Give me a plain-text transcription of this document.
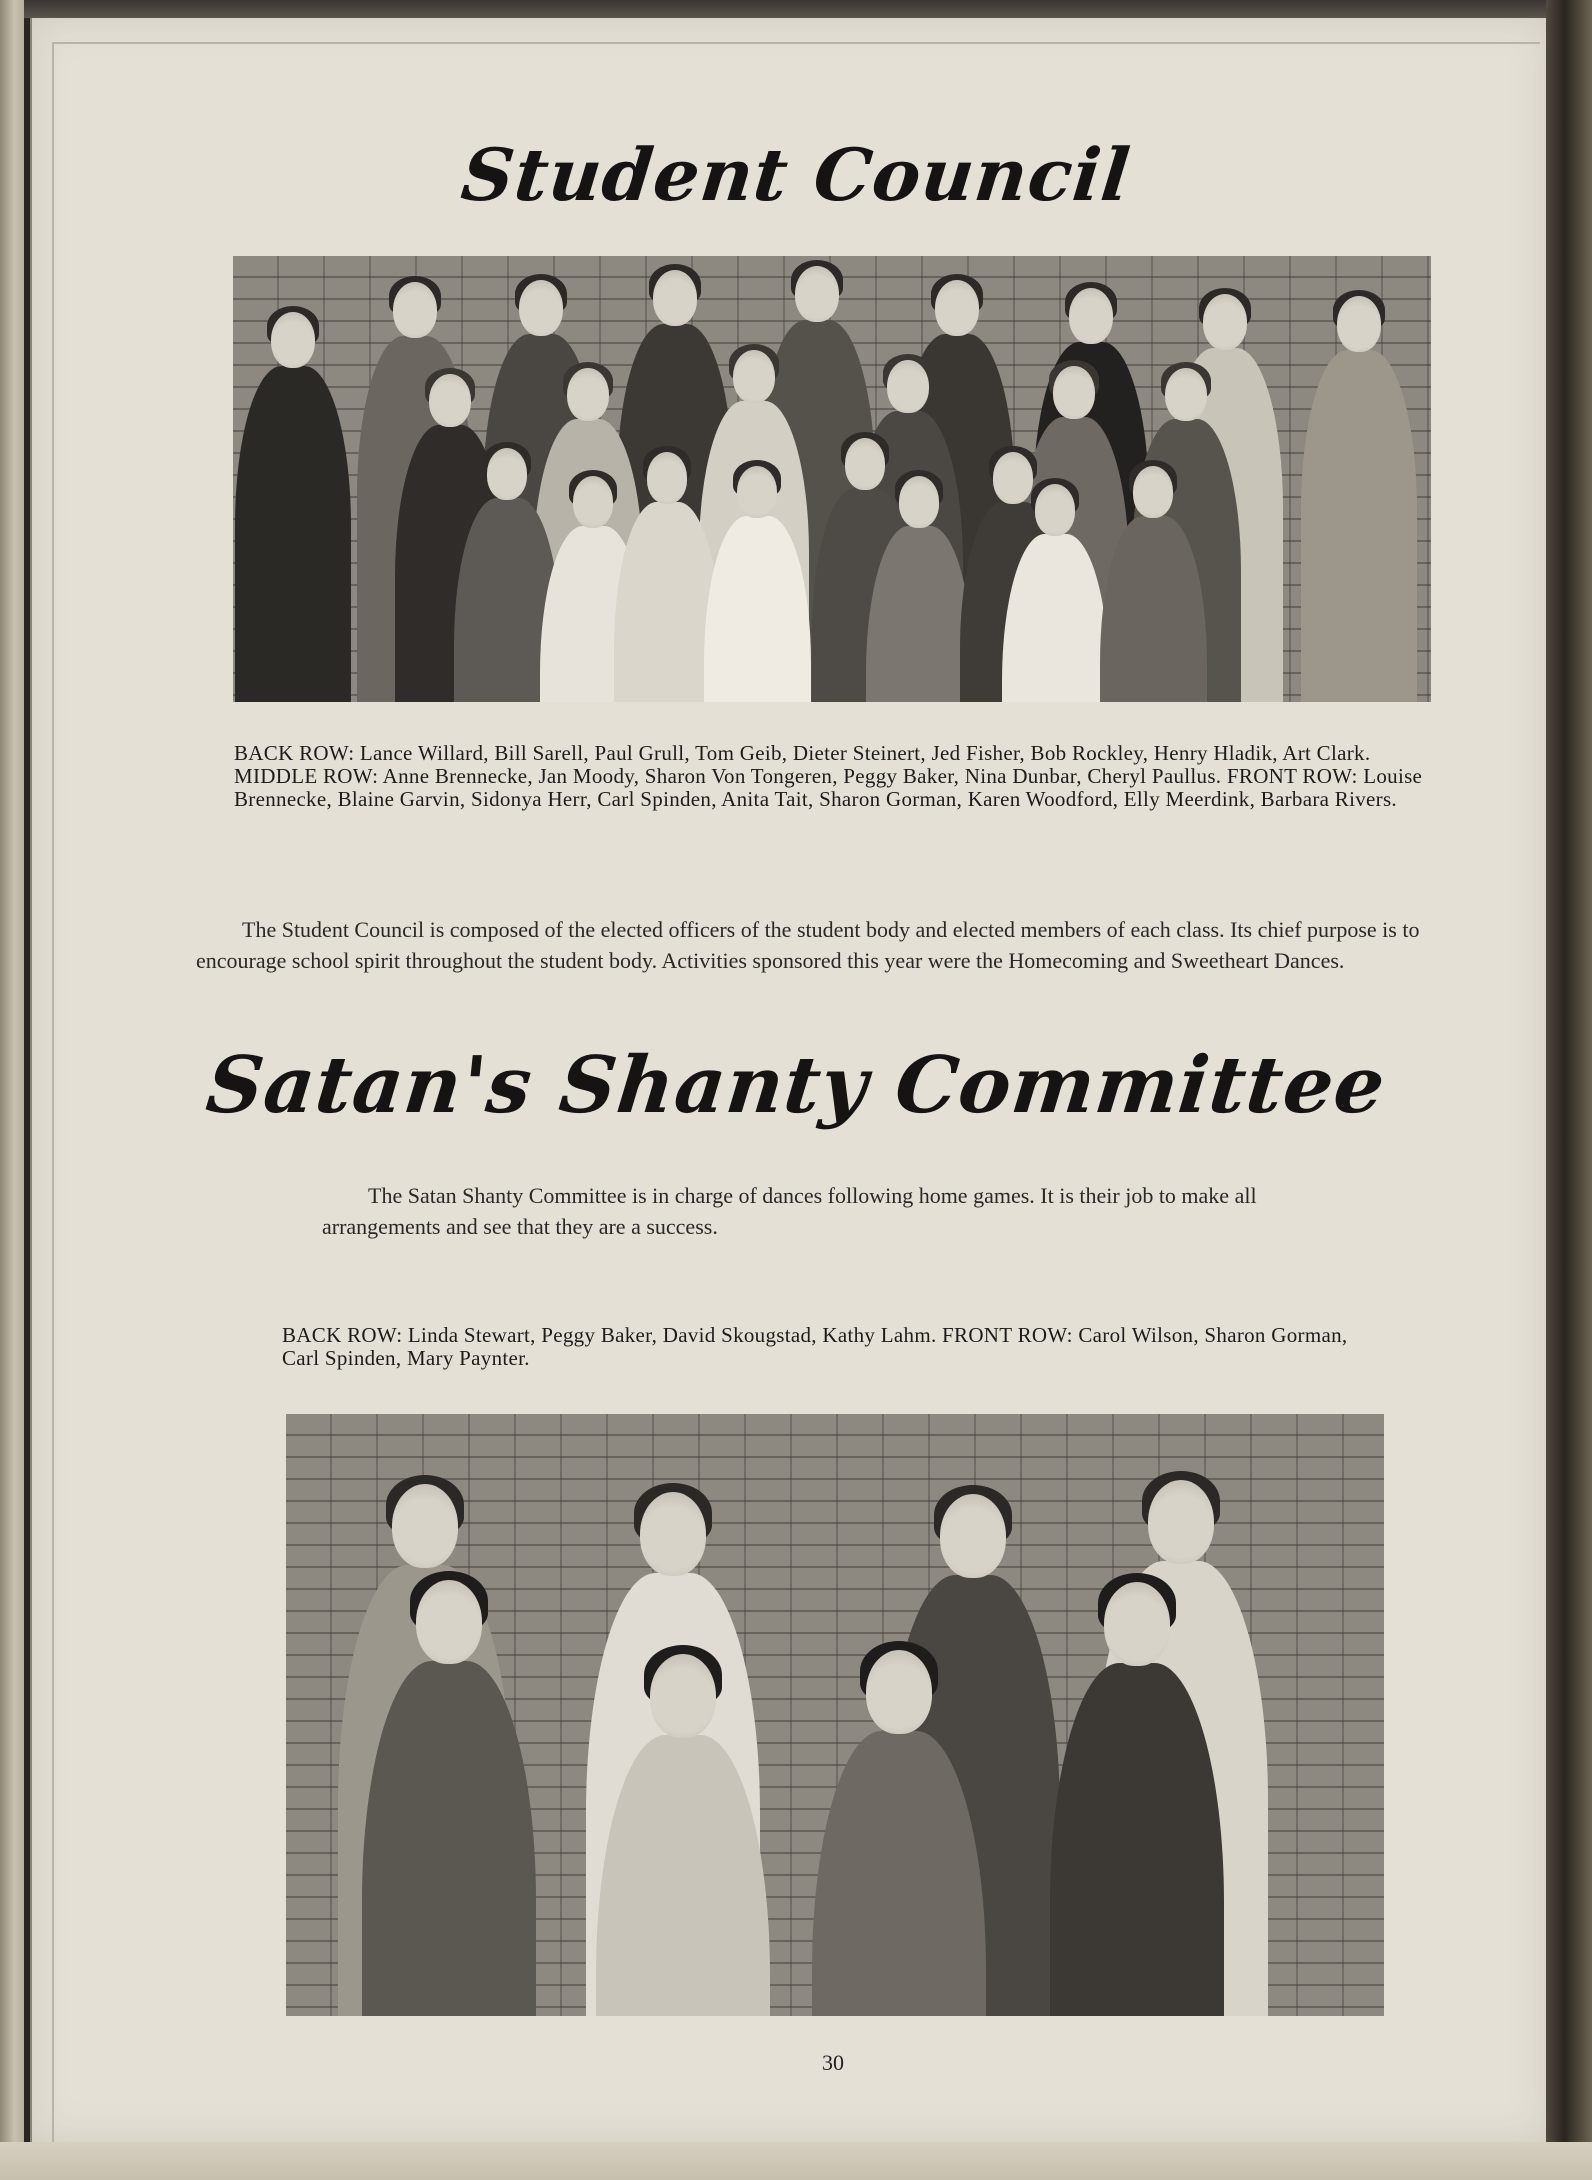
Student Council
BACK ROW: Lance Willard, Bill Sarell, Paul Grull, Tom Geib, Dieter Steinert, Jed Fisher, Bob Rockley, Henry Hladik, Art Clark. MIDDLE ROW: Anne Brennecke, Jan Moody, Sharon Von Tongeren, Peggy Baker, Nina Dunbar, Cheryl Paullus. FRONT ROW: Louise Brennecke, Blaine Garvin, Sidonya Herr, Carl Spinden, Anita Tait, Sharon Gorman, Karen Woodford, Elly Meerdink, Barbara Rivers.
The Student Council is composed of the elected officers of the student body and elected members of each class. Its chief purpose is to encourage school spirit throughout the student body. Activities sponsored this year were the Homecoming and Sweetheart Dances.
Satan's Shanty Committee
The Satan Shanty Committee is in charge of dances following home games. It is their job to make all arrangements and see that they are a success.
BACK ROW: Linda Stewart, Peggy Baker, David Skougstad, Kathy Lahm. FRONT ROW: Carol Wilson, Sharon Gorman, Carl Spinden, Mary Paynter.
30
